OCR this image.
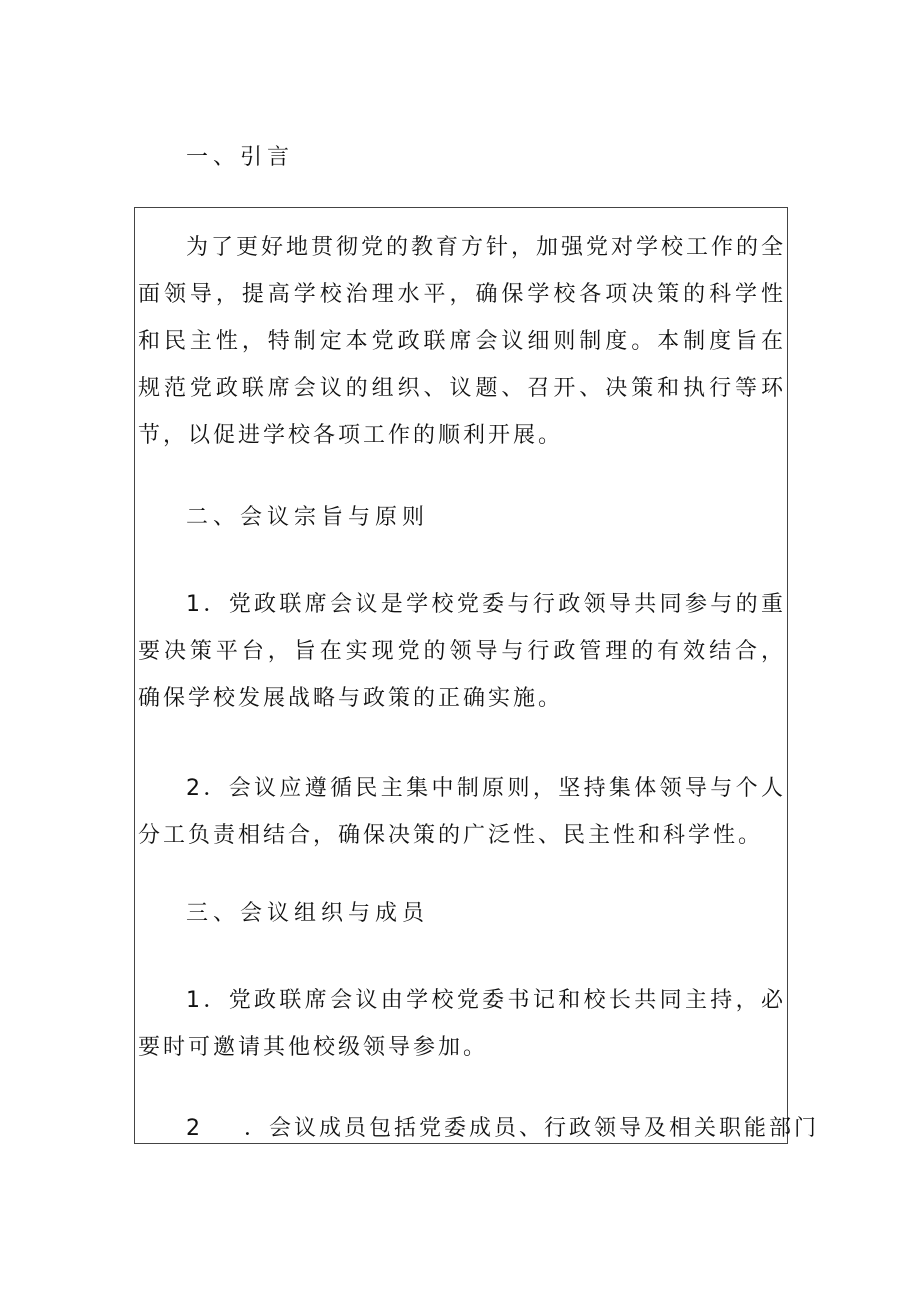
一、引言

为了更好地贯彻党的教育方针，加强党对学校工作的全面领导，提高学校治理水平，确保学校各项决策的科学性和民主性，特制定本党政联席会议细则制度。本制度旨在规范党政联席会议的组织、议题、召开、决策和执行等环节，以促进学校各项工作的顺利开展。

二、会议宗旨与原则

1．党政联席会议是学校党委与行政领导共同参与的重要决策平台，旨在实现党的领导与行政管理的有效结合，确保学校发展战略与政策的正确实施。

2．会议应遵循民主集中制原则，坚持集体领导与个人分工负责相结合，确保决策的广泛性、民主性和科学性。

三、会议组织与成员

1．党政联席会议由学校党委书记和校长共同主持，必要时可邀请其他校级领导参加。

2 ．会议成员包括党委成员、行政领导及相关职能部门
